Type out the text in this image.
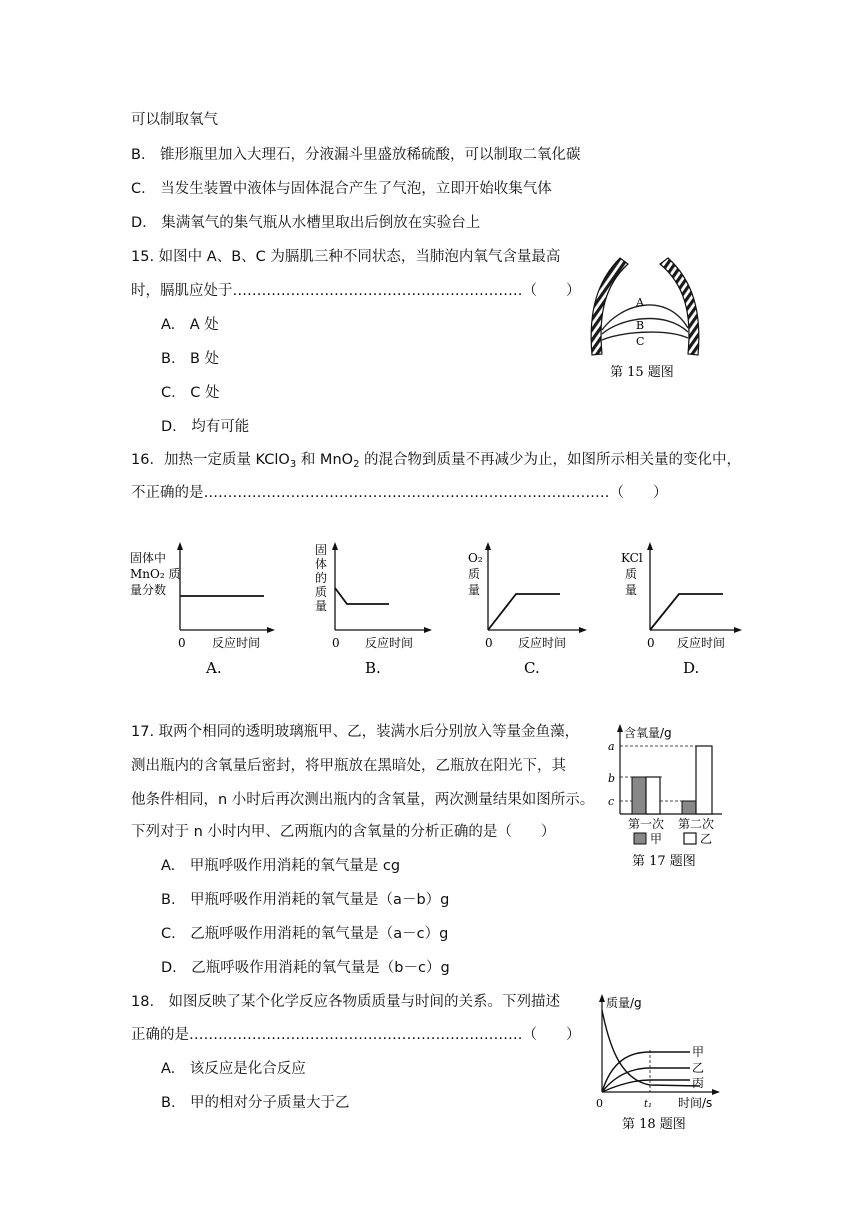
可以制取氧气
B.　锥形瓶里加入大理石，分液漏斗里盛放稀硫酸，可以制取二氧化碳
C.　当发生装置中液体与固体混合产生了气泡，立即开始收集气体
D.　集满氧气的集气瓶从水槽里取出后倒放在实验台上
15. 如图中 A、B、C 为膈肌三种不同状态，当肺泡内氧气含量最高
时，膈肌应处于……………………………………………………（　　）
A.　A 处
B.　B 处
C.　C 处
D.　均有可能
A
B
C
第 15 题图
16．加热一定质量 KClO$_3$ 和 MnO$_2$ 的混合物到质量不再减少为止，如图所示相关量的变化中，
不正确的是…………………………………………………………………………（　　）
固体中
MnO₂ 质
量分数
0 反应时间
A.
固
体
的
质
量
0 反应时间
B.
O₂
质
量
0 反应时间
C.
KCl
质
量
0 反应时间
D.
17. 取两个相同的透明玻璃瓶甲、乙，装满水后分别放入等量金鱼藻，
测出瓶内的含氧量后密封，将甲瓶放在黑暗处，乙瓶放在阳光下，其
他条件相同，n 小时后再次测出瓶内的含氧量，两次测量结果如图所示。
下列对于 n 小时内甲、乙两瓶内的含氧量的分析正确的是（　　）
A.　甲瓶呼吸作用消耗的氧气量是 cg
B.　甲瓶呼吸作用消耗的氧气量是（a－b）g
C.　乙瓶呼吸作用消耗的氧气量是（a－c）g
D.　乙瓶呼吸作用消耗的氧气量是（b－c）g
含氧量/g
a
b
c
第一次 第二次
甲	乙
第 17 题图
18.　如图反映了某个化学反应各物质质量与时间的关系。下列描述
正确的是……………………………………………………………（　　）
A.　该反应是化合反应
B.　甲的相对分子质量大于乙
质量/g
甲
乙
丙
0	t₁ 时间/s
第 18 题图
